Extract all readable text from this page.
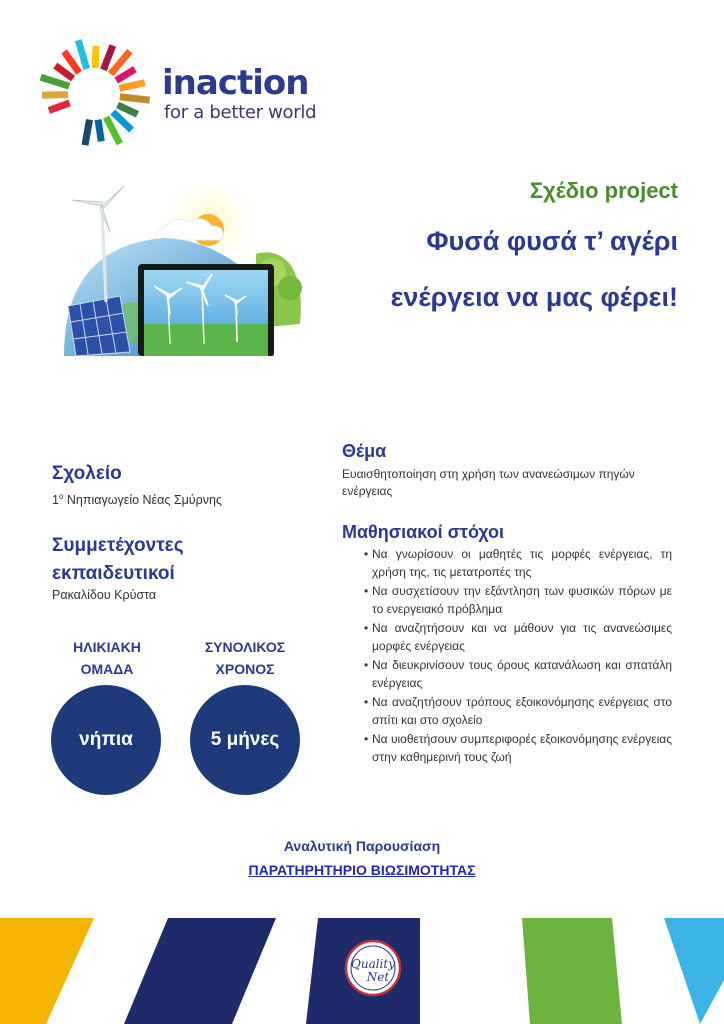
inaction
for a better world
Σχέδιο project
Φυσά φυσά τ’ αγέρι
ενέργεια να μας φέρει!
Σχολείο
$1^o$ Νηπιαγωγείο Νέας Σμύρνης
Συμμετέχοντες
εκπαιδευτικοί
Ρακαλίδου Κρύστα
ΗΛΙΚΙΑΚΗ
ΟΜΑΔΑ
νήπια
ΣΥΝΟΛΙΚΟΣ
ΧΡΟΝΟΣ
5 μήνες
Θέμα
Ευαισθητοποίηση στη χρήση των ανανεώσιμων πηγών ενέργειας
Μαθησιακοί στόχοι
• Να γνωρίσουν οι μαθητές τις μορφές ενέργειας, τη χρήση της, τις μετατροπές της
• Να συσχετίσουν την εξάντληση των φυσικών πόρων με το ενεργειακό πρόβλημα
• Να αναζητήσουν και να μάθουν για τις ανανεώσιμες μορφές ενέργειας
• Να διευκρινίσουν τους όρους κατανάλωση και σπατάλη ενέργειας
• Να αναζητήσουν τρόπους εξοικονόμησης ενέργειας στο σπίτι και στο σχολείο
• Να υιοθετήσουν συμπεριφορές εξοικονόμησης ενέργειας στην καθημερινή τους ζωή
Αναλυτική Παρουσίαση
ΠΑΡΑΤΗΡΗΤΗΡΙΟ ΒΙΩΣΙΜΟΤΗΤΑΣ
Quality
Net
